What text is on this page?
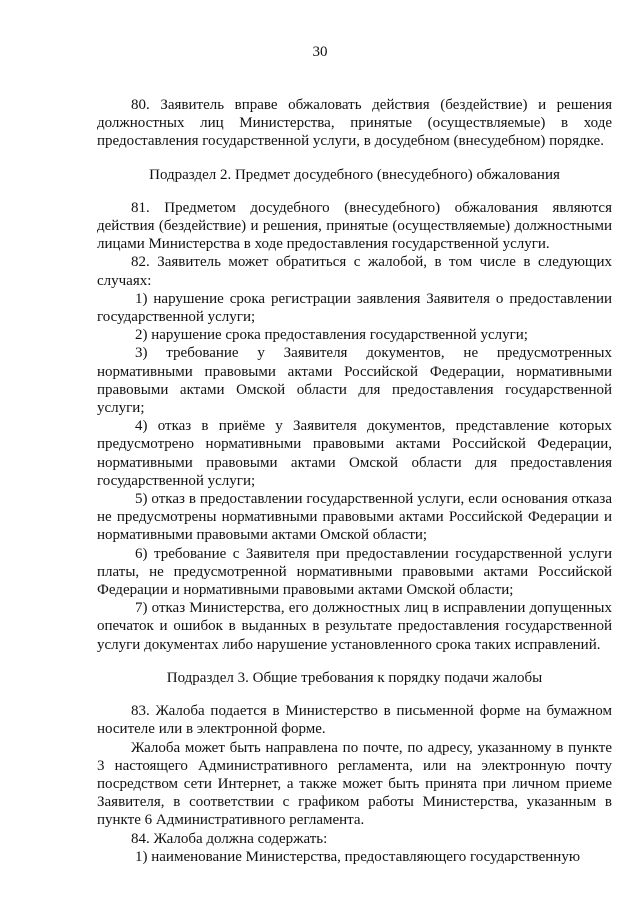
30

80. Заявитель вправе обжаловать действия (бездействие) и решения должностных лиц Министерства, принятые (осуществляемые) в ходе предоставления государственной услуги, в досудебном (внесудебном) порядке.

Подраздел 2. Предмет досудебного (внесудебного) обжалования

81. Предметом досудебного (внесудебного) обжалования являются действия (бездействие) и решения, принятые (осуществляемые) должностными лицами Министерства в ходе предоставления государственной услуги.

82. Заявитель может обратиться с жалобой, в том числе в следующих случаях:

1) нарушение срока регистрации заявления Заявителя о предоставлении государственной услуги;

2) нарушение срока предоставления государственной услуги;

3) требование у Заявителя документов, не предусмотренных нормативными правовыми актами Российской Федерации, нормативными правовыми актами Омской области для предоставления государственной услуги;

4) отказ в приёме у Заявителя документов, представление которых предусмотрено нормативными правовыми актами Российской Федерации, нормативными правовыми актами Омской области для предоставления государственной услуги;

5) отказ в предоставлении государственной услуги, если основания отказа не предусмотрены нормативными правовыми актами Российской Федерации и нормативными правовыми актами Омской области;

6) требование с Заявителя при предоставлении государственной услуги платы, не предусмотренной нормативными правовыми актами Российской Федерации и нормативными правовыми актами Омской области;

7) отказ Министерства, его должностных лиц в исправлении допущенных опечаток и ошибок в выданных в результате предоставления государственной услуги документах либо нарушение установленного срока таких исправлений.

Подраздел 3. Общие требования к порядку подачи жалобы

83. Жалоба подается в Министерство в письменной форме на бумажном носителе или в электронной форме.

Жалоба может быть направлена по почте, по адресу, указанному в пункте 3 настоящего Административного регламента, или на электронную почту посредством сети Интернет, а также может быть принята при личном приеме Заявителя, в соответствии с графиком работы Министерства, указанным в пункте 6 Административного регламента.

84. Жалоба должна содержать:

1) наименование Министерства, предоставляющего государственную
